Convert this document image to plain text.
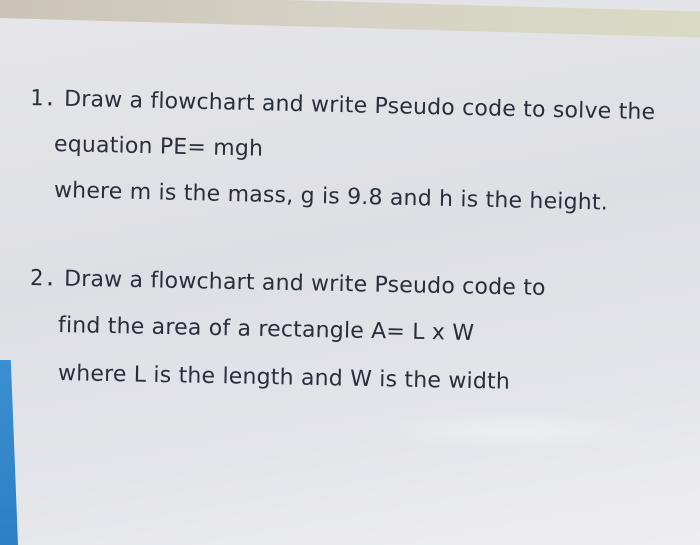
1. Draw a flowchart and write Pseudo code to solve the
equation PE= mgh
where m is the mass, g is 9.8 and h is the height.
2. Draw a flowchart and write Pseudo code to
find the area of a rectangle A= L x W
where L is the length and W is the width
